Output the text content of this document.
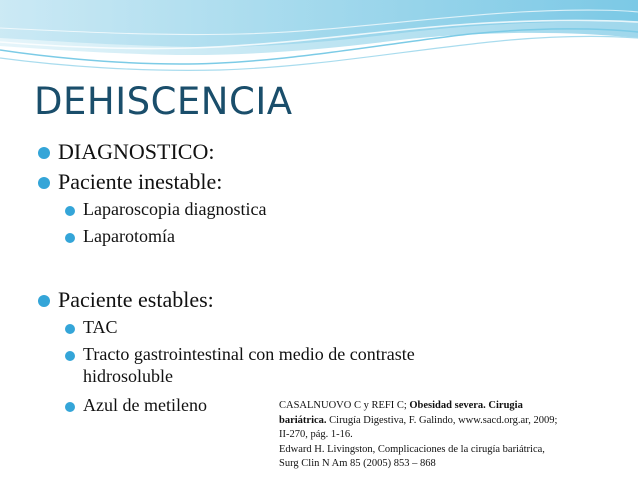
DEHISCENCIA
DIAGNOSTICO:
Paciente inestable:
Laparoscopia diagnostica
Laparotomía
Paciente estables:
TAC
Tracto gastrointestinal con medio de contraste
hidrosoluble
Azul de metileno	CASALNUOVO C y REFI C; Obesidad severa. Cirugia
bariátrica. Cirugía Digestiva, F. Galindo, www.sacd.org.ar, 2009;
II-270, pág. 1-16.
Edward H. Livingston, Complicaciones de la cirugía bariátrica,
Surg Clin N Am 85 (2005) 853 – 868
